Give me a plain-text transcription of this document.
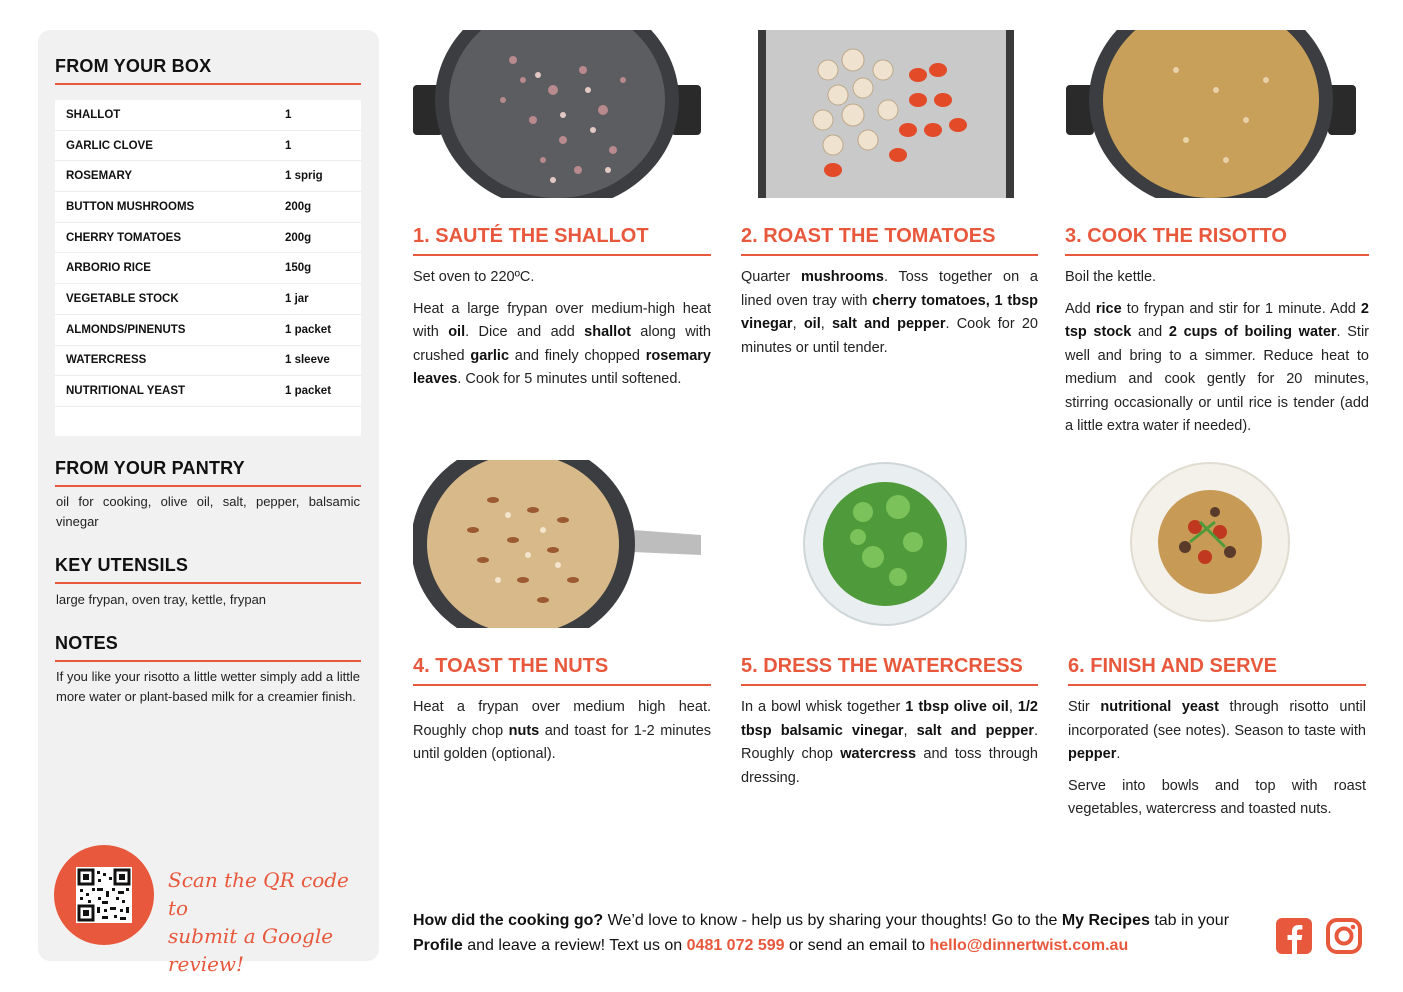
FROM YOUR BOX
SHALLOT	1
GARLIC CLOVE	1
ROSEMARY	1 sprig
BUTTON MUSHROOMS	200g
CHERRY TOMATOES	200g
ARBORIO RICE	150g
VEGETABLE STOCK	1 jar
ALMONDS/PINENUTS	1 packet
WATERCRESS	1 sleeve
NUTRITIONAL YEAST	1 packet
FROM YOUR PANTRY
oil for cooking, olive oil, salt, pepper, balsamic vinegar
KEY UTENSILS
large frypan, oven tray, kettle, frypan
NOTES
If you like your risotto a little wetter simply add a little more water or plant-based milk for a creamier finish.
Scan the QR code to
submit a Google review!
1. SAUTÉ THE SHALLOT

Set oven to 220ºC.

Heat a large frypan over medium-high heat with oil. Dice and add shallot along with crushed garlic and finely chopped rosemary leaves. Cook for 5 minutes until softened.

2. ROAST THE TOMATOES

Quarter mushrooms. Toss together on a lined oven tray with cherry tomatoes, 1 tbsp vinegar, oil, salt and pepper. Cook for 20 minutes or until tender.

3. COOK THE RISOTTO

Boil the kettle.

Add rice to frypan and stir for 1 minute. Add 2 tsp stock and 2 cups of boiling water. Stir well and bring to a simmer. Reduce heat to medium and cook gently for 20 minutes, stirring occasionally or until rice is tender (add a little extra water if needed).

4. TOAST THE NUTS

Heat a frypan over medium high heat. Roughly chop nuts and toast for 1-2 minutes until golden (optional).

5. DRESS THE WATERCRESS

In a bowl whisk together 1 tbsp olive oil, 1/2 tbsp balsamic vinegar, salt and pepper. Roughly chop watercress and toss through dressing.

6. FINISH AND SERVE

Stir nutritional yeast through risotto until incorporated (see notes). Season to taste with pepper.

Serve into bowls and top with roast vegetables, watercress and toasted nuts.

How did the cooking go? We’d love to know - help us by sharing your thoughts! Go to the My Recipes tab in your Profile and leave a review! Text us on 0481 072 599 or send an email to hello@dinnertwist.com.au
